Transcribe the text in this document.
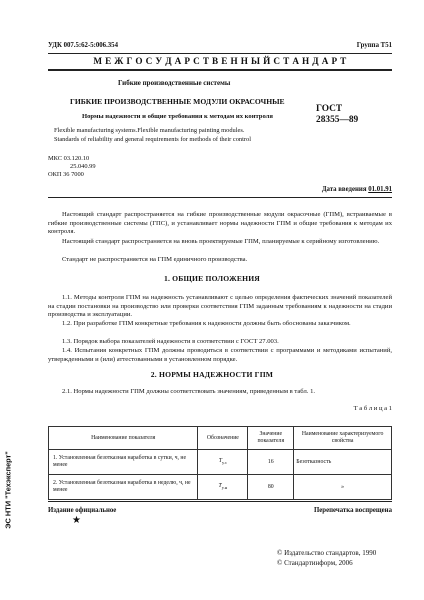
УДК 007.5:62-5:006.354	Группа Т51
М Е Ж Г О С У Д А Р С Т В Е Н Н Ы Й С Т А Н Д А Р Т
Гибкие производственные системы
ГИБКИЕ ПРОИЗВОДСТВЕННЫЕ МОДУЛИ ОКРАСОЧНЫЕ
Нормы надежности и общие требования к методам их контроля
ГОСТ
28355—89
Flexible manufacturing systems.Flexible manufacturing painting modules.
Standards of reliability and general requirements for methods of their control
МКС 03.120.10
25.040.99
ОКП 36 7000
Дата введения 01.01.91
Настоящий стандарт распространяется на гибкие производственные модули окрасочные (ГПМ), встраиваемые в гибкие производственные системы (ГПС), и устанавливает нормы надежности ГПМ и общие требования к методам их контроля.
Настоящий стандарт распространяется на вновь проектируемые ГПМ, планируемые к серийному изготовлению.
Стандарт не распространяется на ГПМ единичного производства.
1. ОБЩИЕ ПОЛОЖЕНИЯ
1.1. Методы контроля ГПМ на надежность устанавливают с целью определения фактических значений показателей на стадии постановки на производство или проверки соответствия ГПМ заданным требованиям к надежности на стадии производства и эксплуатации.
1.2. При разработке ГПМ конкретные требования к надежности должны быть обоснованы заказчиком.
1.3. Порядок выбора показателей надежности в соответствии с ГОСТ 27.003.
1.4. Испытания конкретных ГПМ должны проводиться в соответствии с программами и методиками испытаний, утвержденными и (или) аттестованными в установленном порядке.
2. НОРМЫ НАДЕЖНОСТИ ГПМ
2.1. Нормы надежности ГПМ должны соответствовать значениям, приведенным в табл. 1.
Т а б л и ц а 1
Наименование показателя	Обозначение	Значение показателя	Наименование характеризуемого свойства
1. Установленная безотказная наработка в сутки, ч, не менее	$Т_{у.с}$	16	Безотказность
2. Установленная безотказная наработка в неделю, ч, не менее	$Т_{у.н}$	80	»
Издание официальное	Перепечатка воспрещена
★
© Издательство стандартов, 1990
© Стандартинформ, 2006
ЭС НТИ "Техэксперт"
